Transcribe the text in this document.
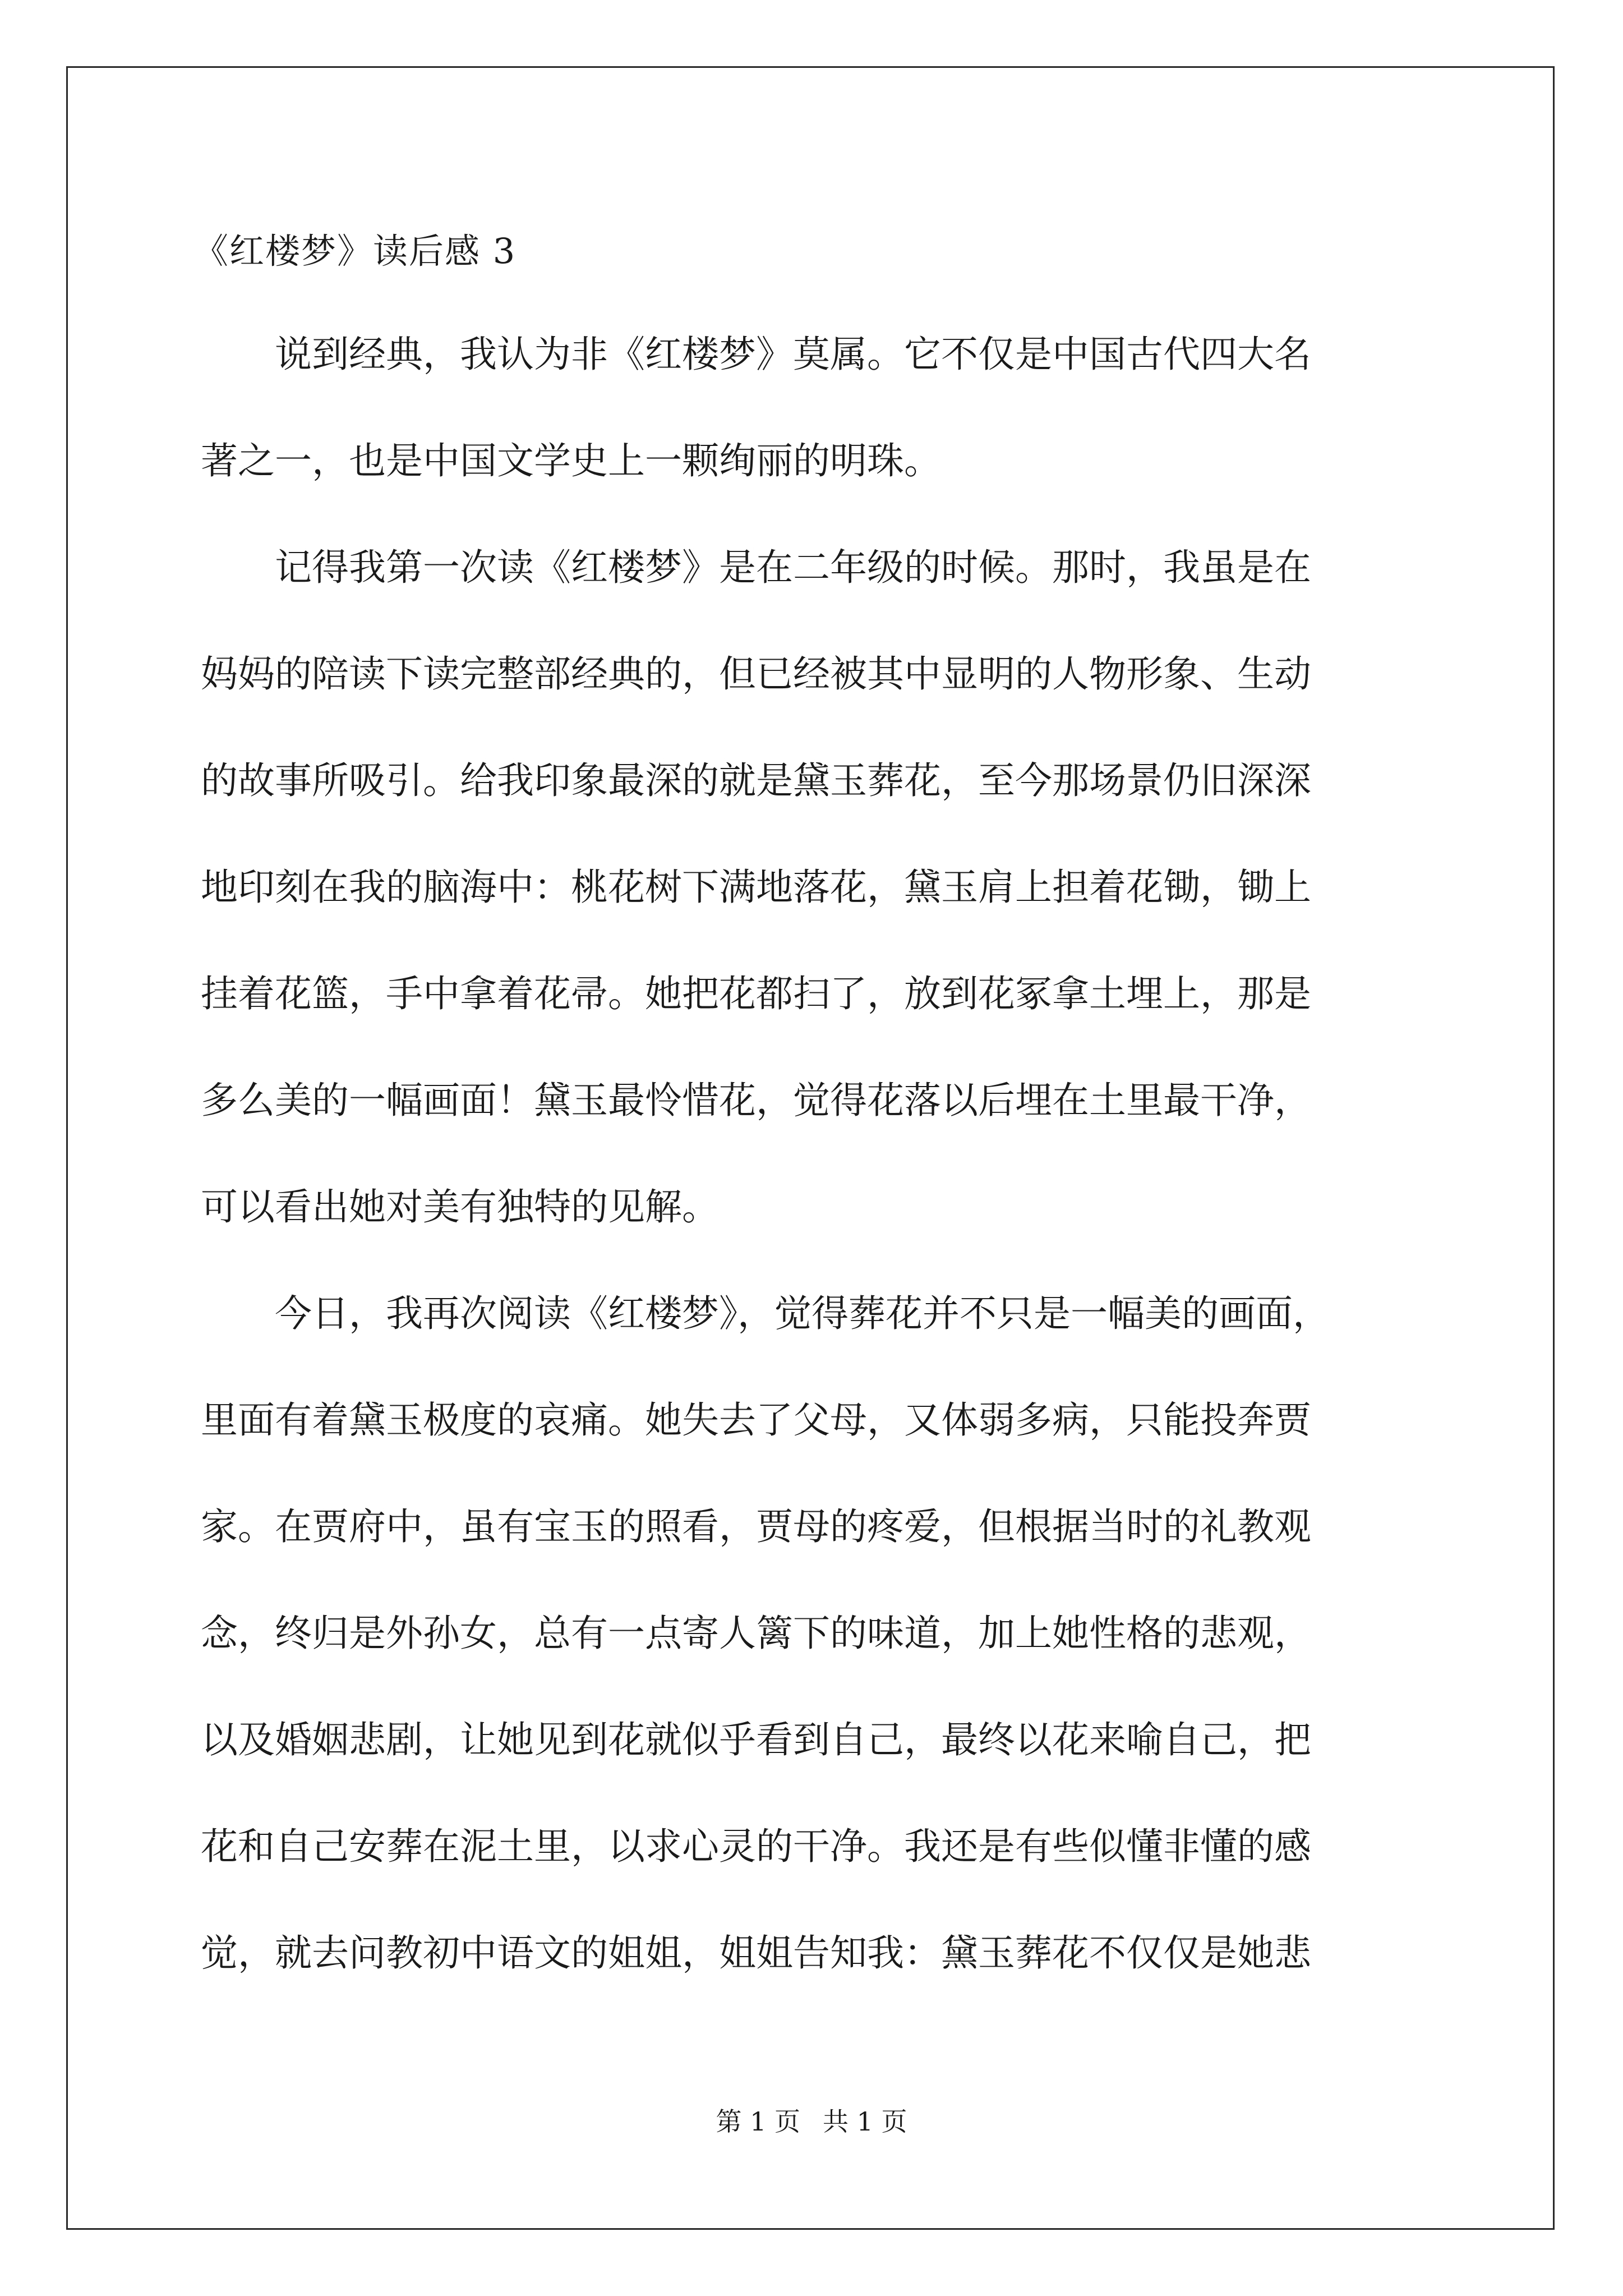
《红楼梦》读后感 3
　　说到经典，我认为非《红楼梦》莫属。它不仅是中国古代四大名
著之一，也是中国文学史上一颗绚丽的明珠。
　　记得我第一次读《红楼梦》是在二年级的时候。那时，我虽是在
妈妈的陪读下读完整部经典的，但已经被其中显明的人物形象、生动
的故事所吸引。给我印象最深的就是黛玉葬花，至今那场景仍旧深深
地印刻在我的脑海中：桃花树下满地落花，黛玉肩上担着花锄，锄上
挂着花篮，手中拿着花帚。她把花都扫了，放到花冢拿土埋上，那是
多么美的一幅画面！黛玉最怜惜花，觉得花落以后埋在土里最干净，
可以看出她对美有独特的见解。
　　今日，我再次阅读《红楼梦》，觉得葬花并不只是一幅美的画面，
里面有着黛玉极度的哀痛。她失去了父母，又体弱多病，只能投奔贾
家。在贾府中，虽有宝玉的照看，贾母的疼爱，但根据当时的礼教观
念，终归是外孙女，总有一点寄人篱下的味道，加上她性格的悲观，
以及婚姻悲剧，让她见到花就似乎看到自己，最终以花来喻自己，把
花和自己安葬在泥土里，以求心灵的干净。我还是有些似懂非懂的感
觉，就去问教初中语文的姐姐，姐姐告知我：黛玉葬花不仅仅是她悲
第 1 页 共 1 页
